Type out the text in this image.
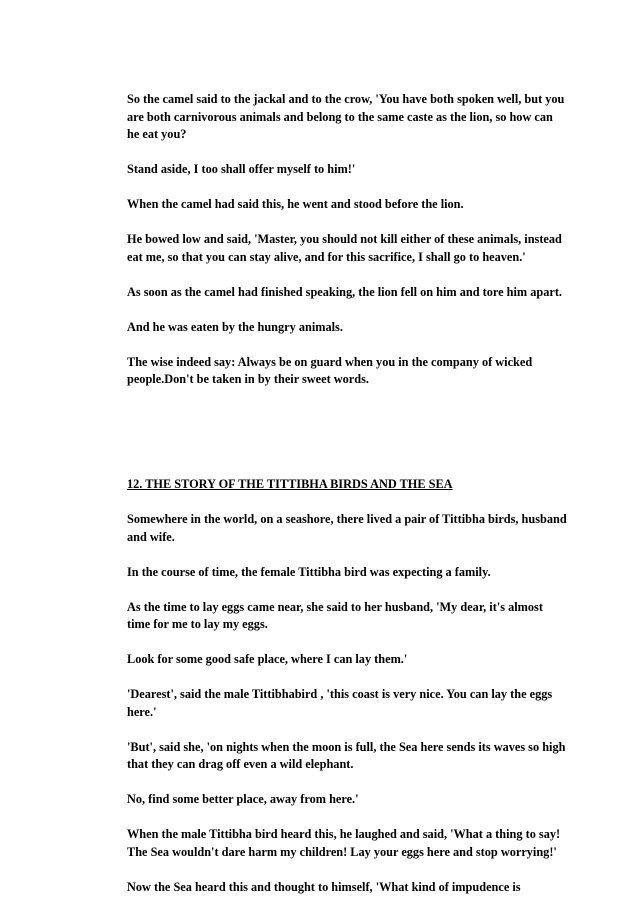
So the camel said to the jackal and to the crow, 'You have both spoken well, but you are both carnivorous animals and belong to the same caste as the lion, so how can he eat you?

Stand aside, I too shall offer myself to him!'

When the camel had said this, he went and stood before the lion.

He bowed low and said, 'Master, you should not kill either of these animals, instead eat me, so that you can stay alive, and for this sacrifice, I shall go to heaven.'

As soon as the camel had finished speaking, the lion fell on him and tore him apart.

And he was eaten by the hungry animals.

The wise indeed say: Always be on guard when you in the company of wicked people.Don't be taken in by their sweet words.

12. THE STORY OF THE TITTIBHA BIRDS AND THE SEA

Somewhere in the world, on a seashore, there lived a pair of Tittibha birds, husband and wife.

In the course of time, the female Tittibha bird was expecting a family.

As the time to lay eggs came near, she said to her husband, 'My dear, it's almost time for me to lay my eggs.

Look for some good safe place, where I can lay them.'

'Dearest', said the male Tittibhabird , 'this coast is very nice. You can lay the eggs here.'

'But', said she, 'on nights when the moon is full, the Sea here sends its waves so high that they can drag off even a wild elephant.

No, find some better place, away from here.'

When the male Tittibha bird heard this, he laughed and said, 'What a thing to say! The Sea wouldn't dare harm my children! Lay your eggs here and stop worrying!'

Now the Sea heard this and thought to himself, 'What kind of impudence is
